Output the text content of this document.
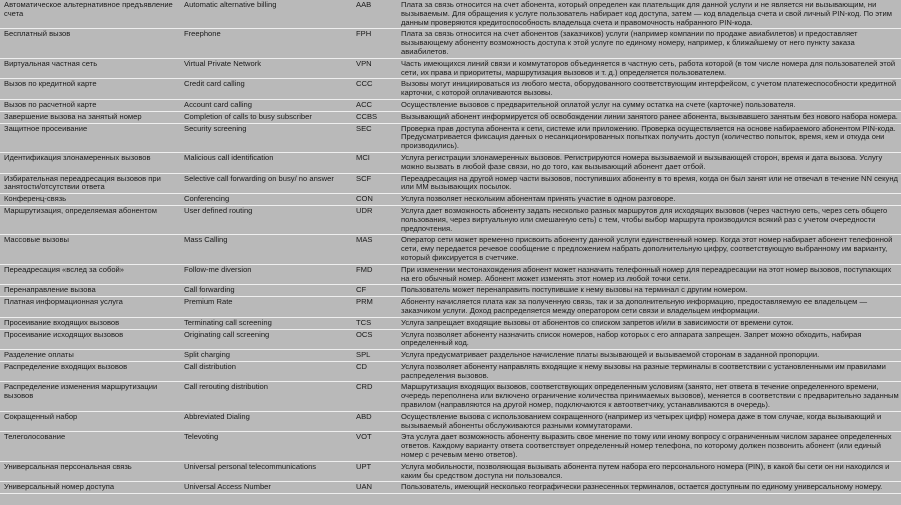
Автоматическое альтернативное предъявление счета	Automatic alternative billing	AAB	Плата за связь относится на счет абонента, который определен как плательщик для данной услуги и не является ни вызывающим, ни вызываемым. Для обращения к услуге пользователь набирает код доступа, затем — код владельца счета и свой личный PIN-код. По этим данным проверяются кредитоспособность владельца счета и правомочность набранного PIN-кода.
Бесплатный вызов	Freephone	FPH	Плата за связь относится на счет абонентов (заказчиков) услуги (например компании по продаже авиабилетов) и предоставляет вызывающему абоненту возможность доступа к этой услуге по единому номеру, например, к ближайшему от него пункту заказа авиабилетов.
Виртуальная частная сеть	Virtual Private Network	VPN	Часть имеющихся линий связи и коммутаторов объединяется в частную сеть, работа которой (в том числе номера для пользователей этой сети, их права и приоритеты, маршрутизация вызовов и т. д.) определяется пользователем.
Вызов по кредитной карте	Credit card calling	CCC	Вызовы могут инициироваться из любого места, оборудованного соответствующим интерфейсом, с учетом платежеспособности кредитной карточки, с которой оплачиваются вызовы.
Вызов по расчетной карте	Account card calling	ACC	Осуществление вызовов с предварительной оплатой услуг на сумму остатка на счете (карточке) пользователя.
Завершение вызова на занятый номер	Completion of calls to busy subscriber	CCBS	Вызывающий абонент информируется об освобождении линии занятого ранее абонента, вызывавшего занятым без нового набора номера.
Защитное просеивание	Security screening	SEC	Проверка прав доступа абонента к сети, системе или приложению. Проверка осуществляется на основе набираемого абонентом PIN-кода. Предусматривается фиксация данных о несанкционированных попытках получить доступ (количество попыток, время, кем и откуда они производились).
Идентификация злонамеренных вызовов	Malicious call identification	MCI	Услуга регистрации злонамеренных вызовов. Регистрируются номера вызываемой и вызывающей сторон, время и дата вызова. Услугу можно вызвать в любой фазе связи, но до того, как вызывающий абонент дает отбой.
Избирательная переадресация вызовов при занятости/отсутствии ответа	Selective call forwarding on busy/ no answer	SCF	Переадресация на другой номер части вызовов, поступивших абоненту в то время, когда он был занят или не отвечал в течение NN секунд или ММ вызывающих посылок.
Конференц-связь	Conferencing	CON	Услуга позволяет нескольким абонентам принять участие в одном разговоре.
Маршрутизация, определяемая абонентом	User defined routing	UDR	Услуга дает возможность абоненту задать несколько разных маршрутов для исходящих вызовов (через частную сеть, через сеть общего пользования, через виртуальную или смешанную сеть) с тем, чтобы выбор маршрута производился всякий раз с учетом очередности предпочтения.
Массовые вызовы	Mass Calling	MAS	Оператор сети может временно присвоить абоненту данной услуги единственный номер. Когда этот номер набирает абонент телефонной сети, ему передается речевое сообщение с предложением набрать дополнительную цифру, соответствующую выбранному им варианту, который фиксируется в счетчике.
Переадресация «вслед за собой»	Follow-me diversion	FMD	При изменении местонахождения абонент может назначить телефонный номер для переадресации на этот номер вызовов, поступающих на его обычный номер. Абонент может изменять этот номер из любой точки сети.
Перенаправление вызова	Call forwarding	CF	Пользователь может перенаправить поступившие к нему вызовы на терминал с другим номером.
Платная информационная услуга	Premium Rate	PRM	Абоненту начисляется плата как за полученную связь, так и за дополнительную информацию, предоставляемую ее владельцем — заказчиком услуги. Доход распределяется между оператором сети связи и владельцем информации.
Просеивание входящих вызовов	Terminating call screening	TCS	Услуга запрещает входящие вызовы от абонентов со списком запретов и/или в зависимости от времени суток.
Просеивание исходящих вызовов	Originating call screening	OCS	Услуга позволяет абоненту назначить список номеров, набор которых с его аппарата запрещен. Запрет можно обходить, набирая определенный код.
Разделение оплаты	Split charging	SPL	Услуга предусматривает раздельное начисление платы вызывающей и вызываемой сторонам в заданной пропорции.
Распределение входящих вызовов	Call distribution	CD	Услуга позволяет абоненту направлять входящие к нему вызовы на разные терминалы в соответствии с установленными им правилами распределения вызовов.
Распределение изменения маршрутизации вызовов	Call rerouting distribution	CRD	Маршрутизация входящих вызовов, соответствующих определенным условиям (занято, нет ответа в течение определенного времени, очередь переполнена или включено ограничение количества принимаемых вызовов), меняется в соответствии с предварительно заданным правилом (направляются на другой номер, подключаются к автоответчику, устанавливаются в очередь).
Сокращенный набор	Abbreviated Dialing	ABD	Осуществление вызова с использованием сокращенного (например из четырех цифр) номера даже в том случае, когда вызывающий и вызываемый абоненты обслуживаются разными коммутаторами.
Телеголосование	Televoting	VOT	Эта услуга дает возможность абоненту выразить свое мнение по тому или иному вопросу с ограниченным числом заранее определенных ответов. Каждому варианту ответа соответствует определенный номер телефона, по которому должен позвонить абонент (или единый номер с речевым меню ответов).
Универсальная персональная связь	Universal personal telecommunications	UPT	Услуга мобильности, позволяющая вызывать абонента путем набора его персонального номера (PIN), в какой бы сети он ни находился и каким бы средством доступа ни пользовался.
Универсальный номер доступа	Universal Access Number	UAN	Пользователь, имеющий несколько географически разнесенных терминалов, остается доступным по единому универсальному номеру.
